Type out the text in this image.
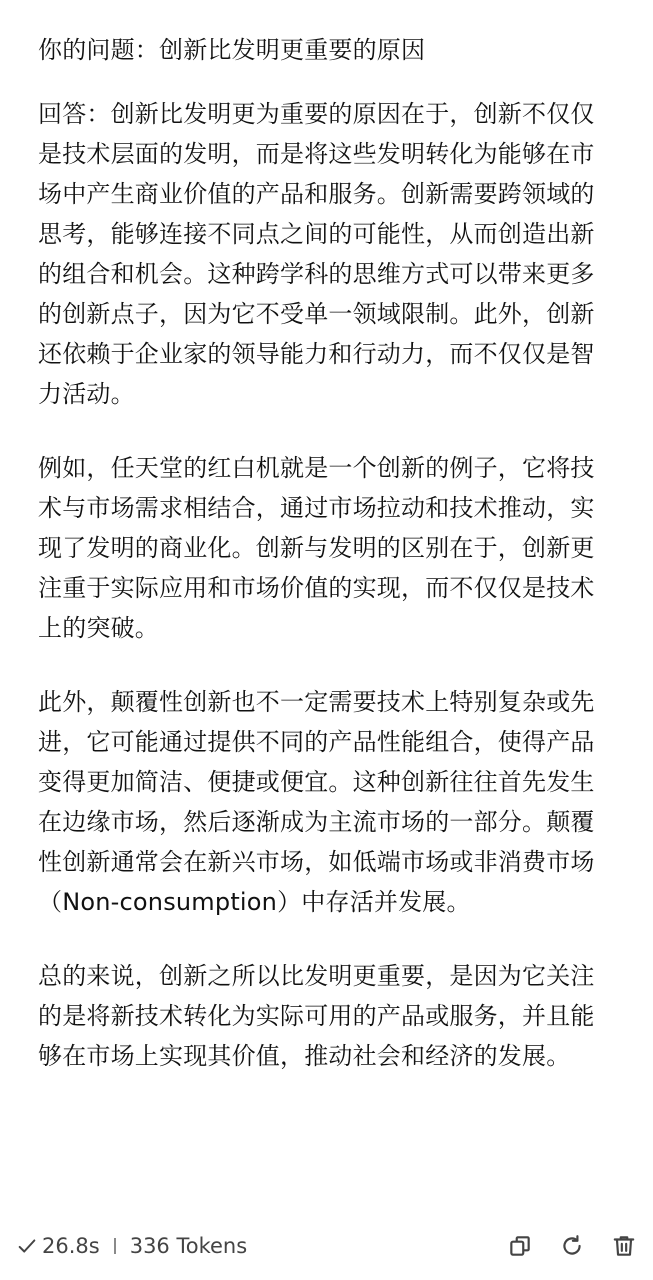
你的问题：创新比发明更重要的原因
回答：创新比发明更为重要的原因在于，创新不仅仅是技术层面的发明，而是将这些发明转化为能够在市场中产生商业价值的产品和服务。创新需要跨领域的思考，能够连接不同点之间的可能性，从而创造出新的组合和机会。这种跨学科的思维方式可以带来更多的创新点子，因为它不受单一领域限制。此外，创新还依赖于企业家的领导能力和行动力，而不仅仅是智力活动。
例如，任天堂的红白机就是一个创新的例子，它将技术与市场需求相结合，通过市场拉动和技术推动，实现了发明的商业化。创新与发明的区别在于，创新更注重于实际应用和市场价值的实现，而不仅仅是技术上的突破。
此外，颠覆性创新也不一定需要技术上特别复杂或先进，它可能通过提供不同的产品性能组合，使得产品变得更加简洁、便捷或便宜。这种创新往往首先发生在边缘市场，然后逐渐成为主流市场的一部分。颠覆性创新通常会在新兴市场，如低端市场或非消费市场（Non-consumption）中存活并发展。
总的来说，创新之所以比发明更重要，是因为它关注的是将新技术转化为实际可用的产品或服务，并且能够在市场上实现其价值，推动社会和经济的发展。
26.8s 336 Tokens
